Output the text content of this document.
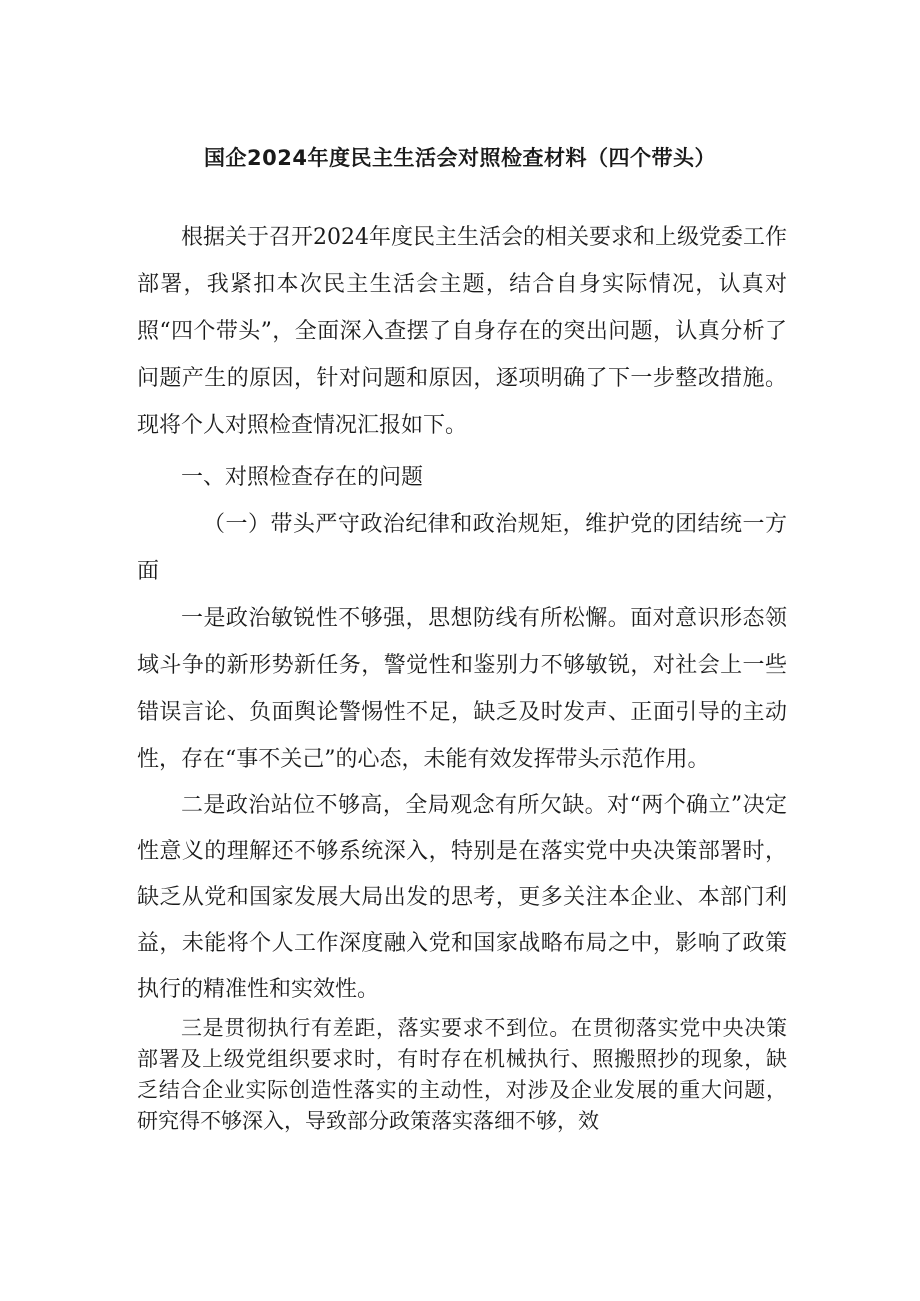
国企2024年度民主生活会对照检查材料（四个带头）

根据关于召开2024年度民主生活会的相关要求和上级党委工作部署，我紧扣本次民主生活会主题，结合自身实际情况，认真对照“四个带头”，全面深入查摆了自身存在的突出问题，认真分析了问题产生的原因，针对问题和原因，逐项明确了下一步整改措施。现将个人对照检查情况汇报如下。

一、对照检查存在的问题

（一）带头严守政治纪律和政治规矩，维护党的团结统一方面

一是政治敏锐性不够强，思想防线有所松懈。面对意识形态领域斗争的新形势新任务，警觉性和鉴别力不够敏锐，对社会上一些错误言论、负面舆论警惕性不足，缺乏及时发声、正面引导的主动性，存在“事不关己”的心态，未能有效发挥带头示范作用。

二是政治站位不够高，全局观念有所欠缺。对“两个确立”决定性意义的理解还不够系统深入，特别是在落实党中央决策部署时，缺乏从党和国家发展大局出发的思考，更多关注本企业、本部门利益，未能将个人工作深度融入党和国家战略布局之中，影响了政策执行的精准性和实效性。

三是贯彻执行有差距，落实要求不到位。在贯彻落实党中央决策部署及上级党组织要求时，有时存在机械执行、照搬照抄的现象，缺乏结合企业实际创造性落实的主动性，对涉及企业发展的重大问题，研究得不够深入，导致部分政策落实落细不够，效
